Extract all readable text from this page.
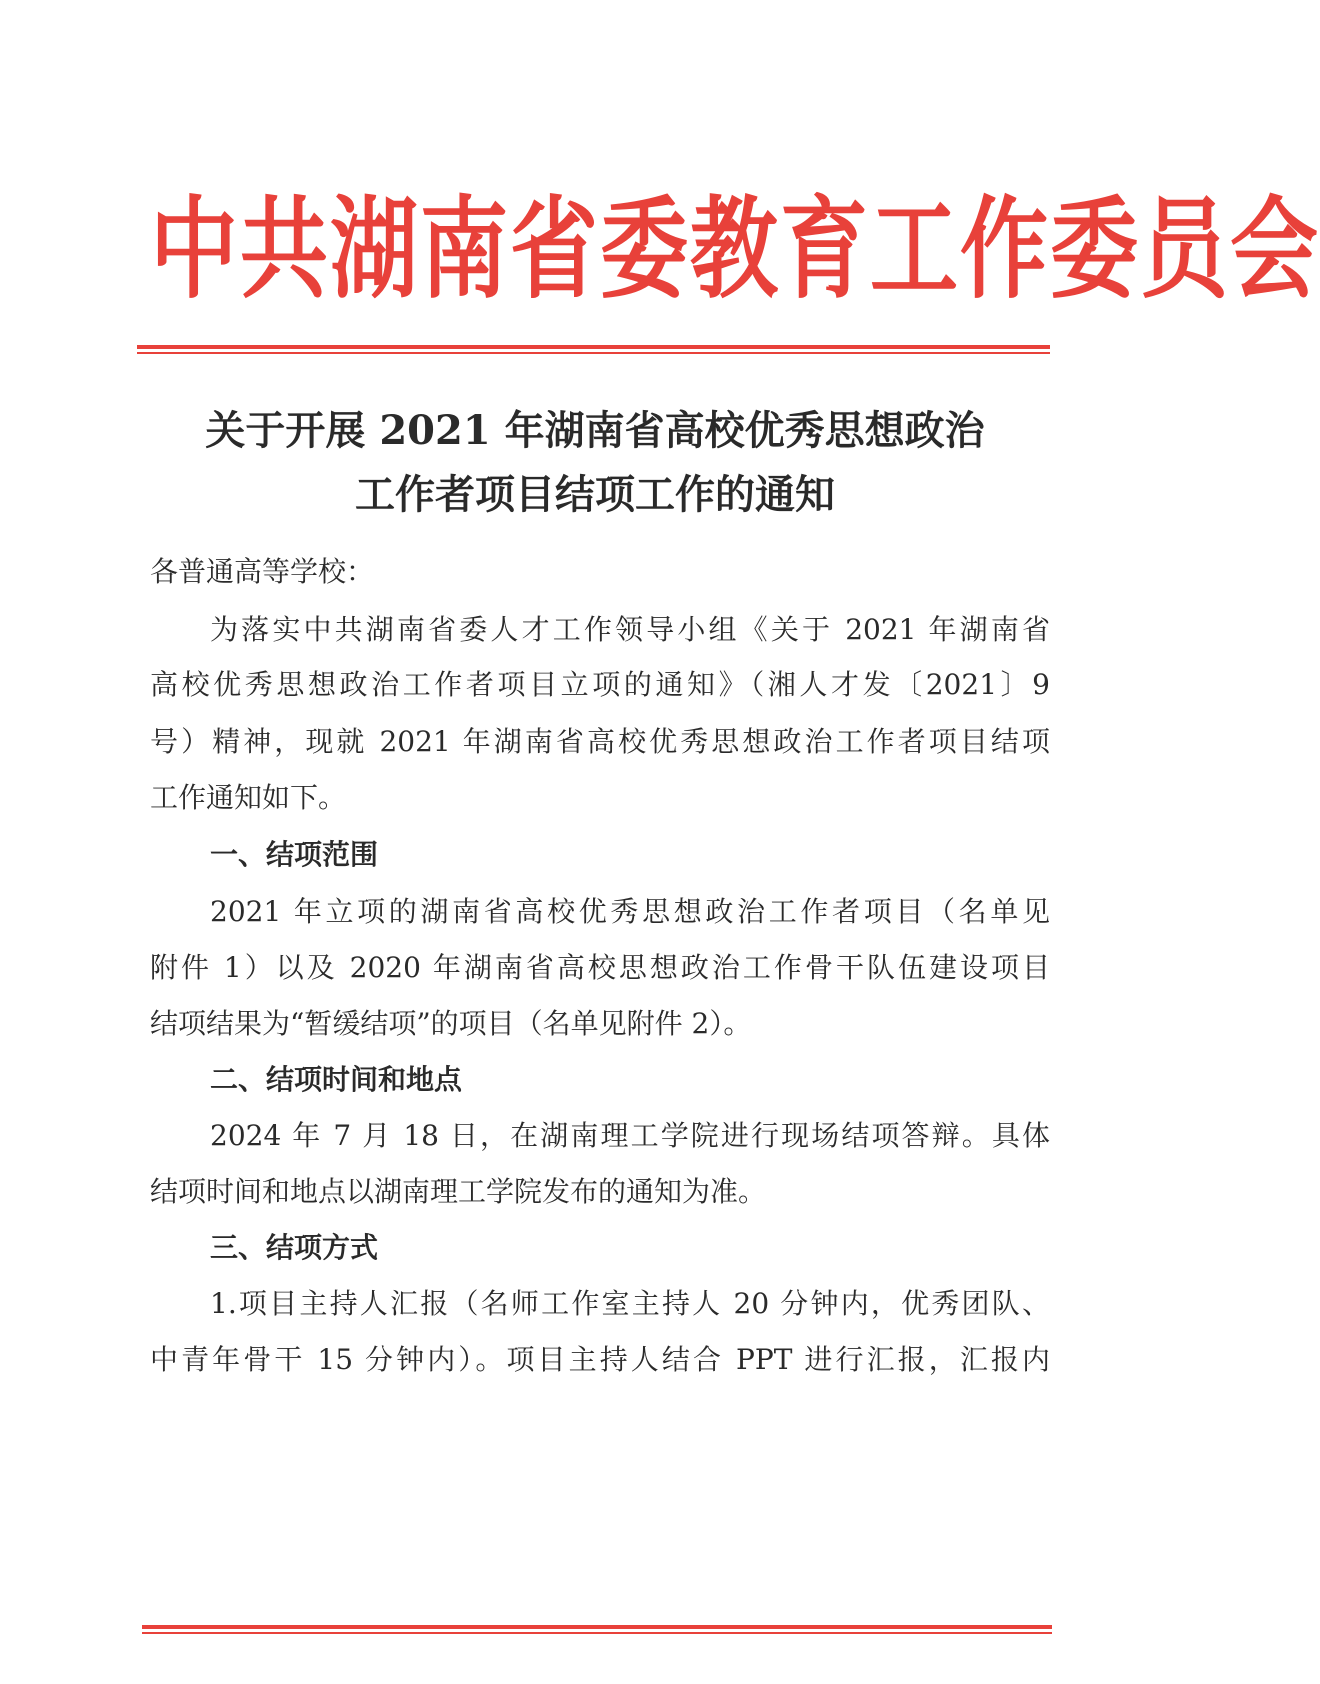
中共湖南省委教育工作委员会
关于开展 2021 年湖南省高校优秀思想政治
工作者项目结项工作的通知
各普通高等学校：
为落实中共湖南省委人才工作领导小组《关于 2021 年湖南省
高校优秀思想政治工作者项目立项的通知》（湘人才发〔2021〕9
号）精神，现就 2021 年湖南省高校优秀思想政治工作者项目结项
工作通知如下。
一、结项范围
2021 年立项的湖南省高校优秀思想政治工作者项目（名单见
附件 1）以及 2020 年湖南省高校思想政治工作骨干队伍建设项目
结项结果为“暂缓结项”的项目（名单见附件 2）。
二、结项时间和地点
2024 年 7 月 18 日，在湖南理工学院进行现场结项答辩。具体
结项时间和地点以湖南理工学院发布的通知为准。
三、结项方式
1.项目主持人汇报（名师工作室主持人 20 分钟内，优秀团队、
中青年骨干 15 分钟内）。项目主持人结合 PPT 进行汇报，汇报内
